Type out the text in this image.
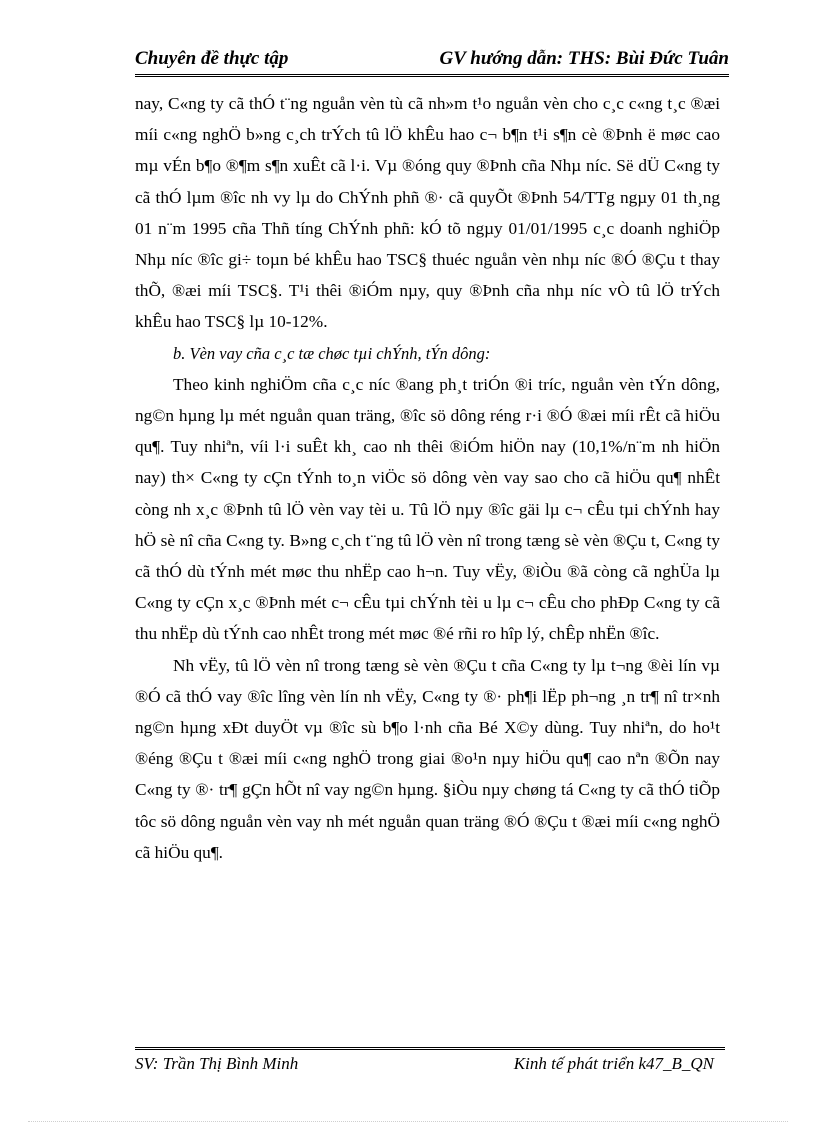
Chuyên đề thực tập	GV hướng dẫn: THS: Bùi Đức Tuân

nay, C«ng ty cã thÓ t¨ng nguån vèn tù cã nh»m t¹o nguån vèn cho c¸c c«ng t¸c ®æi míi c«ng nghÖ b»ng c¸ch trÝch tû lÖ khÊu hao c¬ b¶n t¹i s¶n cè ®Þnh ë møc cao mµ vÉn b¶o ®¶m s¶n xuÊt cã l·i. Vµ ®óng quy ®Þnh cña Nhµ níc. Së dÜ C«ng ty cã thÓ lµm ®îc nh vy lµ do ChÝnh phñ ®· cã quyÕt ®Þnh 54/TTg ngµy 01 th¸ng 01 n¨m 1995 cña Thñ tíng ChÝnh phñ: kÓ tõ ngµy 01/01/1995 c¸c doanh nghiÖp Nhµ níc ®îc gi÷ toµn bé khÊu hao TSC§ thuéc nguån vèn nhµ níc ®Ó ®Çu t thay thÕ, ®æi míi TSC§. T¹i thêi ®iÓm nµy, quy ®Þnh cña nhµ níc vÒ tû lÖ trÝch khÊu hao TSC§ lµ 10-12%.

b. Vèn vay cña c¸c tæ chøc tµi chÝnh, tÝn dông:

Theo kinh nghiÖm cña c¸c níc ®ang ph¸t triÓn ®i tríc, nguån vèn tÝn dông, ng©n hµng lµ mét nguån quan träng, ®îc sö dông réng r·i ®Ó ®æi míi rÊt cã hiÖu qu¶. Tuy nhiªn, víi l·i suÊt kh¸ cao nh thêi ®iÓm hiÖn nay (10,1%/n¨m nh hiÖn nay) th× C«ng ty cÇn tÝnh to¸n viÖc sö dông vèn vay sao cho cã hiÖu qu¶ nhÊt còng nh x¸c ®Þnh tû lÖ vèn vay tèi u. Tû lÖ nµy ®îc gäi lµ c¬ cÊu tµi chÝnh hay hÖ sè nî cña C«ng ty. B»ng c¸ch t¨ng tû lÖ vèn nî trong tæng sè vèn ®Çu t, C«ng ty cã thÓ dù tÝnh mét møc thu nhËp cao h¬n. Tuy vËy, ®iÒu ®ã còng cã nghÜa lµ C«ng ty cÇn x¸c ®Þnh mét c¬ cÊu tµi chÝnh tèi u lµ c¬ cÊu cho phÐp C«ng ty cã thu nhËp dù tÝnh cao nhÊt trong mét møc ®é rñi ro hîp lý, chÊp nhËn ®îc.

Nh vËy, tû lÖ vèn nî trong tæng sè vèn ®Çu t cña C«ng ty lµ t¬ng ®èi lín vµ ®Ó cã thÓ vay ®îc lîng vèn lín nh vËy, C«ng ty ®· ph¶i lËp ph¬ng ¸n tr¶ nî tr×nh ng©n hµng xÐt duyÖt vµ ®îc sù b¶o l·nh cña Bé X©y dùng. Tuy nhiªn, do ho¹t ®éng ®Çu t ®æi míi c«ng nghÖ trong giai ®o¹n nµy hiÖu qu¶ cao nªn ®Õn nay C«ng ty ®· tr¶ gÇn hÕt nî vay ng©n hµng. §iÒu nµy chøng tá C«ng ty cã thÓ tiÕp tôc sö dông nguån vèn vay nh mét nguån quan träng ®Ó ®Çu t ®æi míi c«ng nghÖ cã hiÖu qu¶.

SV: Trần Thị Bình Minh	Kinh tế phát triển k47_B_QN
